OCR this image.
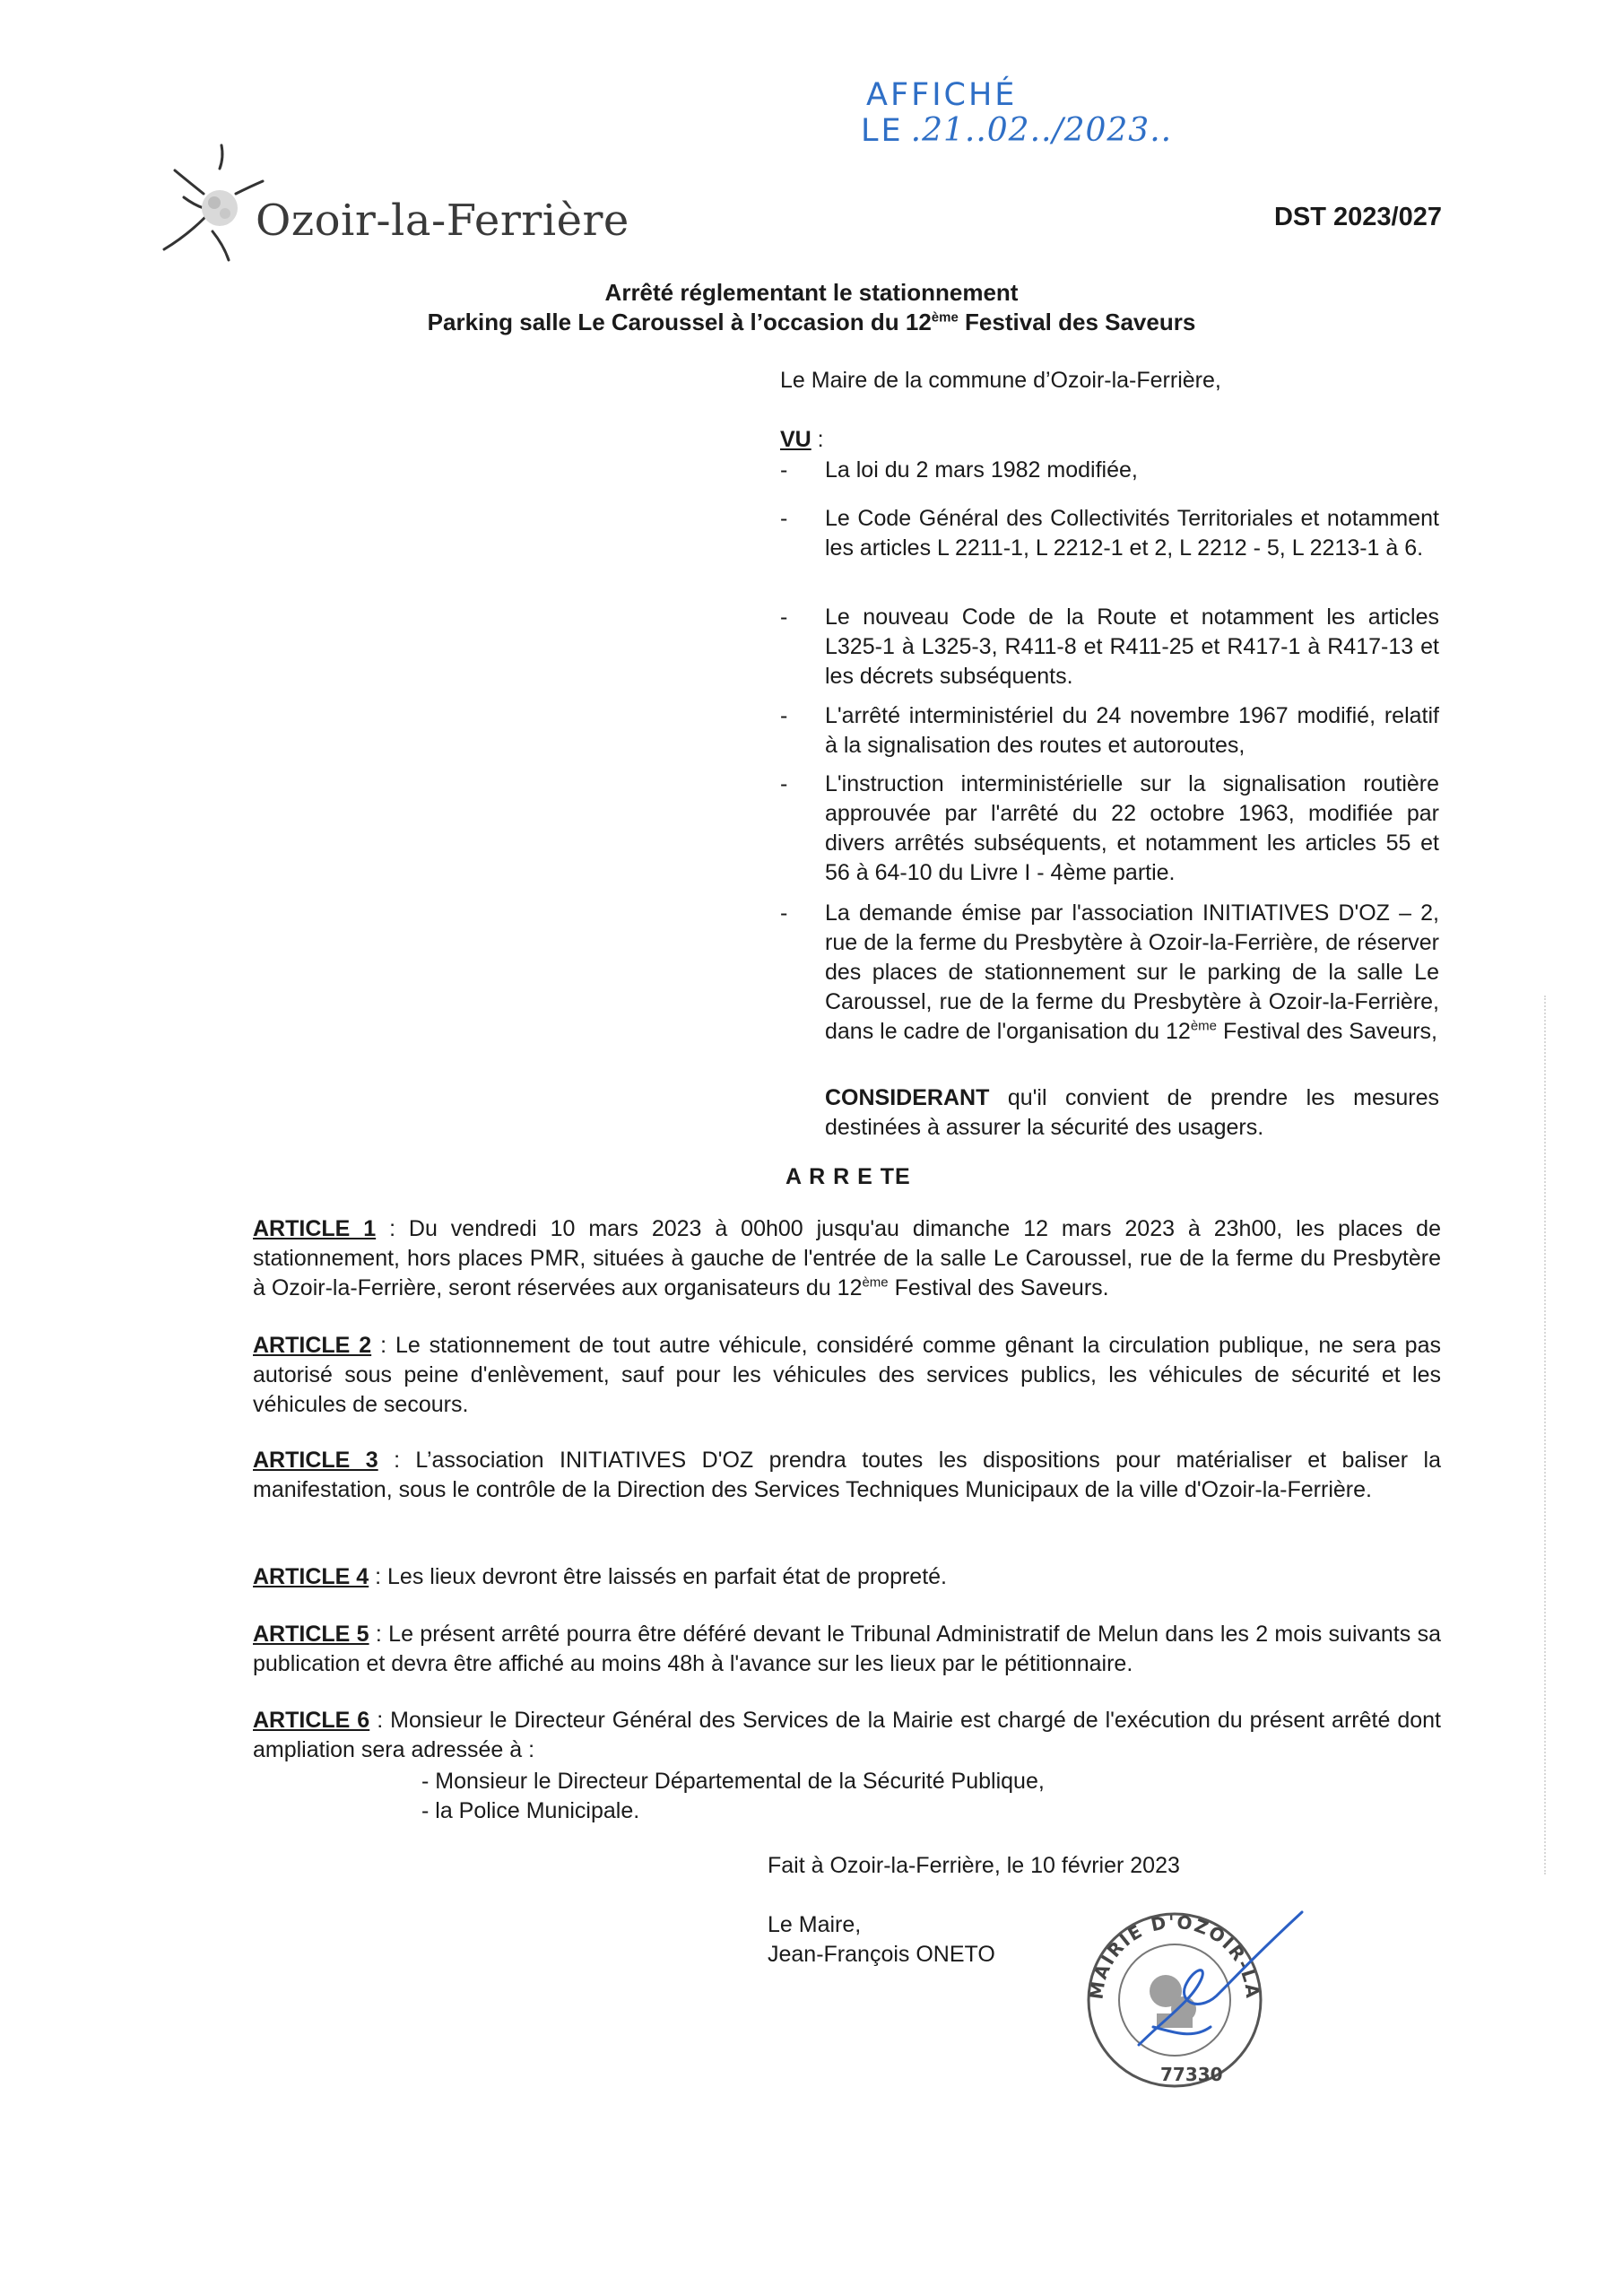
AFFICHÉ
LE .21..02../2023..
Ozoir-la-Ferrière	DST 2023/027
Arrêté réglementant le stationnement
Parking salle Le Caroussel à l’occasion du 12ème Festival des Saveurs
Le Maire de la commune d’Ozoir-la-Ferrière,
VU :
- La loi du 2 mars 1982 modifiée,
- Le Code Général des Collectivités Territoriales et notamment les articles L 2211-1, L 2212-1 et 2, L 2212 - 5, L 2213-1 à 6.
- Le nouveau Code de la Route et notamment les articles L325-1 à L325-3, R411-8 et R411-25 et R417-1 à R417-13 et les décrets subséquents.
- L'arrêté interministériel du 24 novembre 1967 modifié, relatif à la signalisation des routes et autoroutes,
- L'instruction interministérielle sur la signalisation routière approuvée par l'arrêté du 22 octobre 1963, modifiée par divers arrêtés subséquents, et notamment les articles 55 et 56 à 64-10 du Livre I - 4ème partie.
- La demande émise par l'association INITIATIVES D'OZ – 2, rue de la ferme du Presbytère à Ozoir-la-Ferrière, de réserver des places de stationnement sur le parking de la salle Le Caroussel, rue de la ferme du Presbytère à Ozoir-la-Ferrière, dans le cadre de l'organisation du 12ème Festival des Saveurs,
CONSIDERANT qu'il convient de prendre les mesures destinées à assurer la sécurité des usagers.
A R R E TE
ARTICLE 1 : Du vendredi 10 mars 2023 à 00h00 jusqu'au dimanche 12 mars 2023 à 23h00, les places de stationnement, hors places PMR, situées à gauche de l'entrée de la salle Le Caroussel, rue de la ferme du Presbytère à Ozoir-la-Ferrière, seront réservées aux organisateurs du 12ème Festival des Saveurs.
ARTICLE 2 : Le stationnement de tout autre véhicule, considéré comme gênant la circulation publique, ne sera pas autorisé sous peine d'enlèvement, sauf pour les véhicules des services publics, les véhicules de sécurité et les véhicules de secours.
ARTICLE 3 : L’association INITIATIVES D'OZ prendra toutes les dispositions pour matérialiser et baliser la manifestation, sous le contrôle de la Direction des Services Techniques Municipaux de la ville d'Ozoir-la-Ferrière.
ARTICLE 4 : Les lieux devront être laissés en parfait état de propreté.
ARTICLE 5 : Le présent arrêté pourra être déféré devant le Tribunal Administratif de Melun dans les 2 mois suivants sa publication et devra être affiché au moins 48h à l'avance sur les lieux par le pétitionnaire.
ARTICLE 6 : Monsieur le Directeur Général des Services de la Mairie est chargé de l'exécution du présent arrêté dont ampliation sera adressée à :
- Monsieur le Directeur Départemental de la Sécurité Publique,
- la Police Municipale.
Fait à Ozoir-la-Ferrière, le 10 février 2023
Le Maire,
Jean-François ONETO
MAIRIE D'OZOIR-LA
77330
